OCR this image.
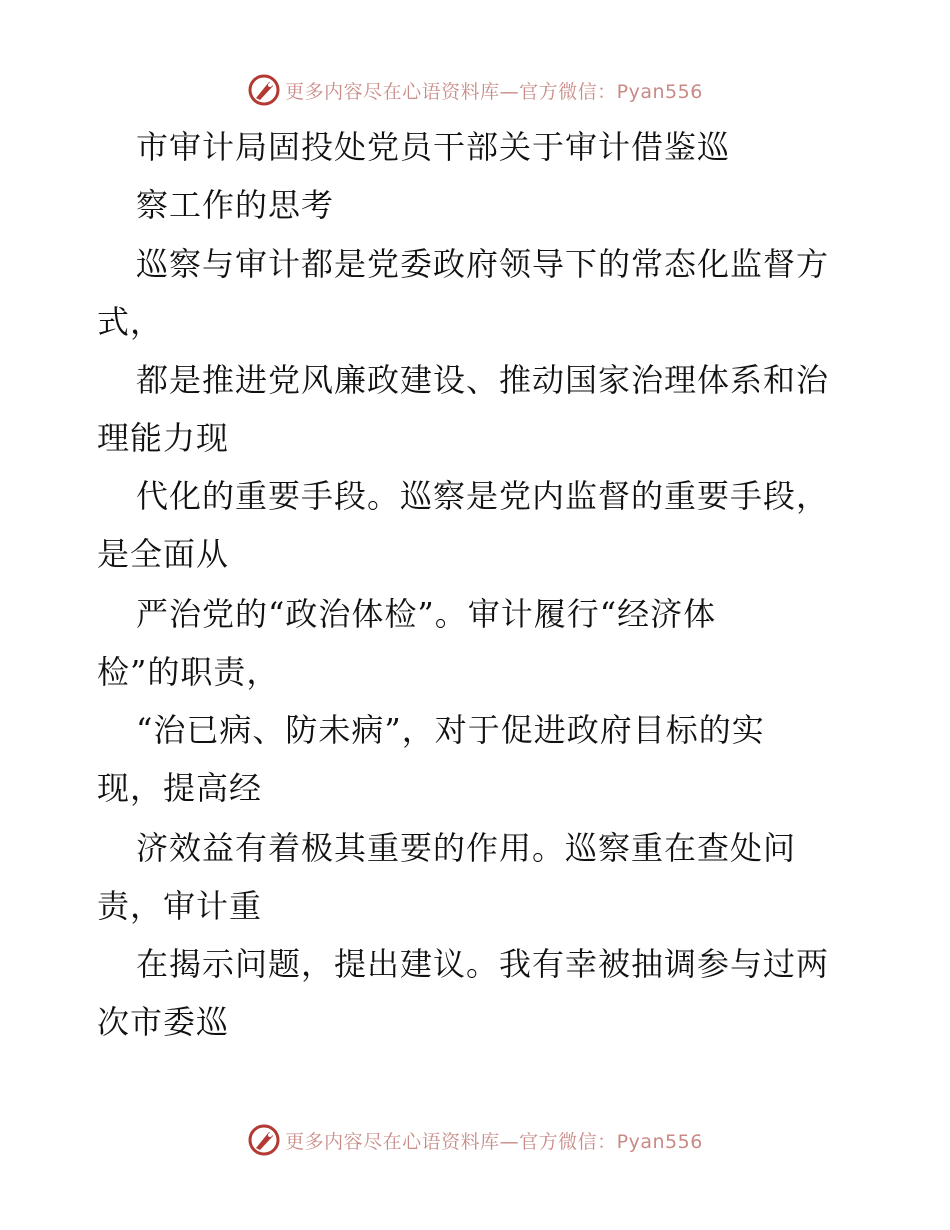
更多内容尽在心语资料库—官方微信：Pyan556
市审计局固投处党员干部关于审计借鉴巡
察工作的思考
巡察与审计都是党委政府领导下的常态化监督方
式，
都是推进党风廉政建设、推动国家治理体系和治
理能力现
代化的重要手段。巡察是党内监督的重要手段，
是全面从
严治党的“政治体检”。审计履行“经济体
检”的职责，
“治已病、防未病”，对于促进政府目标的实
现，提高经
济效益有着极其重要的作用。巡察重在查处问
责，审计重
在揭示问题，提出建议。我有幸被抽调参与过两
次市委巡
更多内容尽在心语资料库—官方微信：Pyan556
